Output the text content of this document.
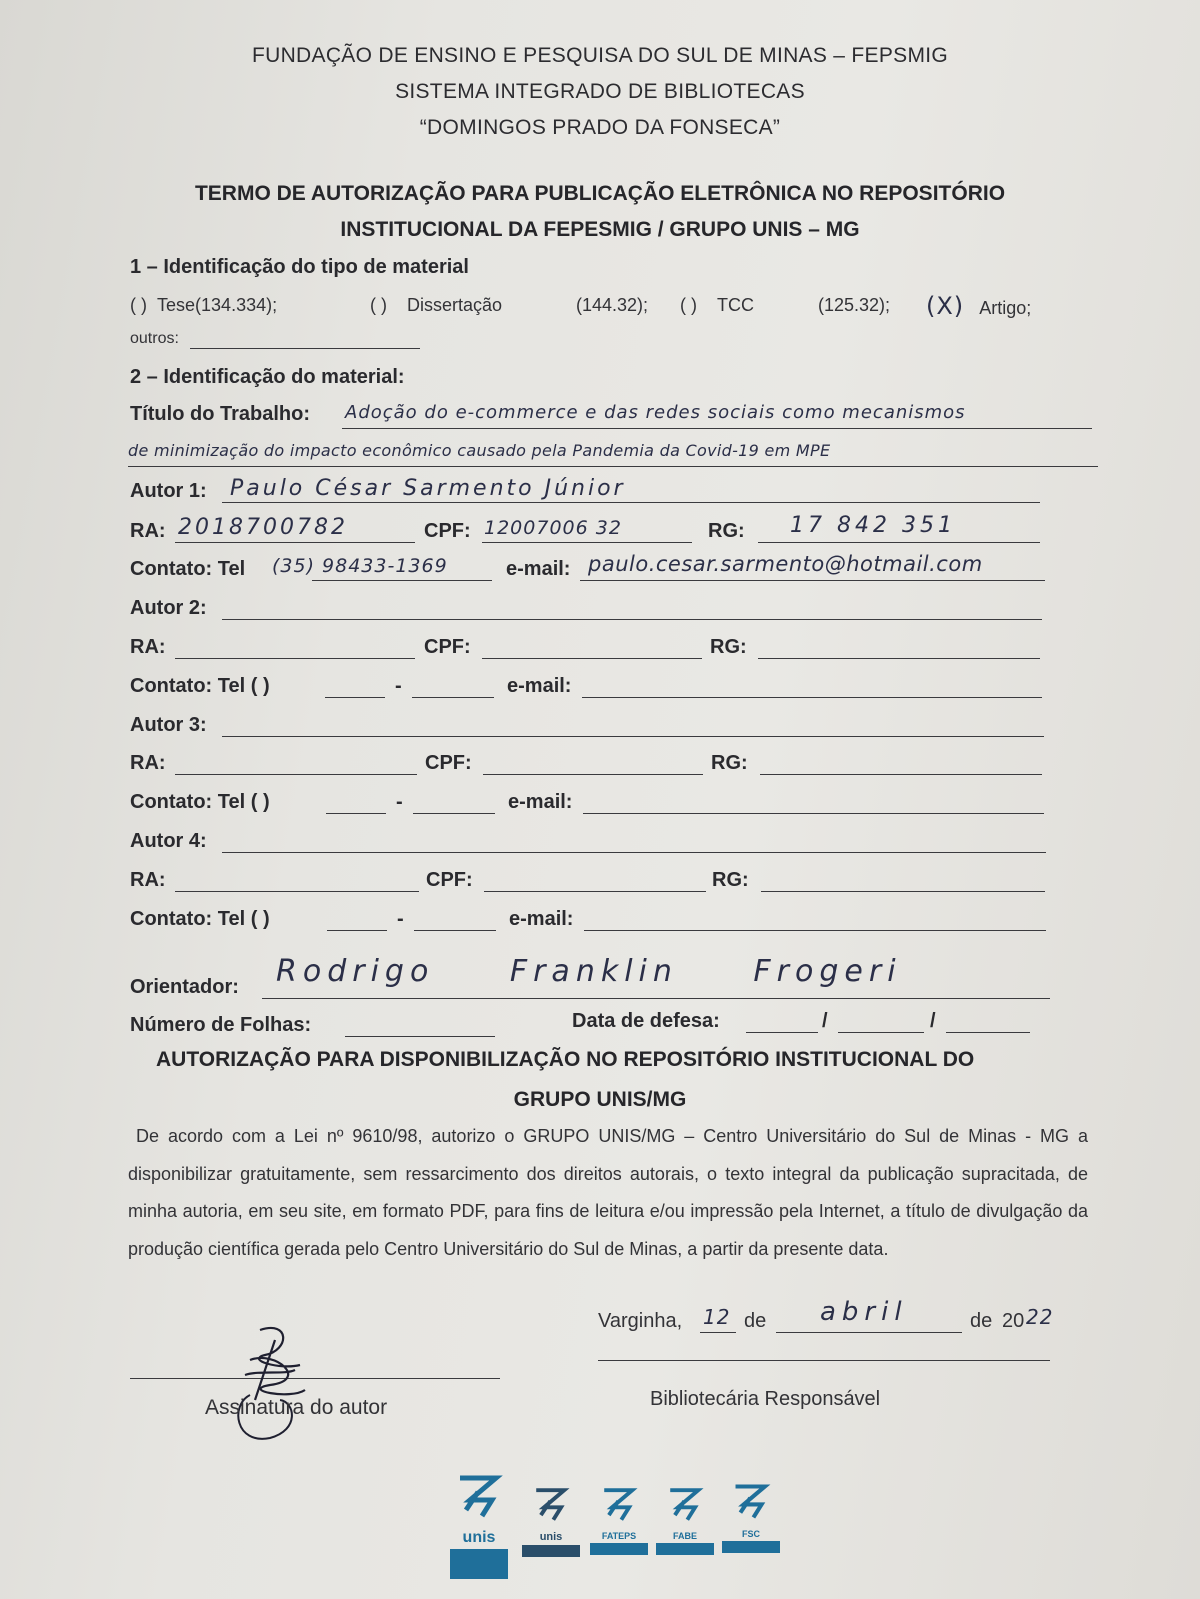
FUNDAÇÃO DE ENSINO E PESQUISA DO SUL DE MINAS – FEPSMIG
SISTEMA INTEGRADO DE BIBLIOTECAS
“DOMINGOS PRADO DA FONSECA”
TERMO DE AUTORIZAÇÃO PARA PUBLICAÇÃO ELETRÔNICA NO REPOSITÓRIO
INSTITUCIONAL DA FEPESMIG / GRUPO UNIS – MG
1 – Identificação do tipo de material
( ) Tese(134.334);	( ) Dissertação	(144.32); ( ) TCC	(125.32); (X) Artigo;
outros:
2 – Identificação do material:
Título do Trabalho: Adoção do e-commerce e das redes sociais como mecanismos
de minimização do impacto econômico causado pela Pandemia da Covid-19 em MPE
Autor 1: Paulo César Sarmento Júnior
RA: 2018700782	CPF: 12007006 32	RG: 17 842 351
Contato: Tel (35) 98433-1369	e-mail: paulo.cesar.sarmento@hotmail.com
Autor 2:
RA:	CPF:	RG:
Contato: Tel ( )	-	e-mail:
Autor 3:
RA:	CPF:	RG:
Contato: Tel ( )	-	e-mail:
Autor 4:
RA:	CPF:	RG:
Contato: Tel ( )	-	e-mail:
Orientador: Rodrigo Franklin Frogeri
Número de Folhas:	Data de defesa:	/	/
AUTORIZAÇÃO PARA DISPONIBILIZAÇÃO NO REPOSITÓRIO INSTITUCIONAL DO
GRUPO UNIS/MG
De acordo com a Lei nº 9610/98, autorizo o GRUPO UNIS/MG – Centro Universitário do Sul de Minas - MG a disponibilizar gratuitamente, sem ressarcimento dos direitos autorais, o texto integral da publicação supracitada, de minha autoria, em seu site, em formato PDF, para fins de leitura e/ou impressão pela Internet, a título de divulgação da produção científica gerada pelo Centro Universitário do Sul de Minas, a partir da presente data.
Varginha, 12 de abril	de 20 22
Assinatura do autor	Bibliotecária Responsável
unis	unis	FATEPS	FABE	FSC
